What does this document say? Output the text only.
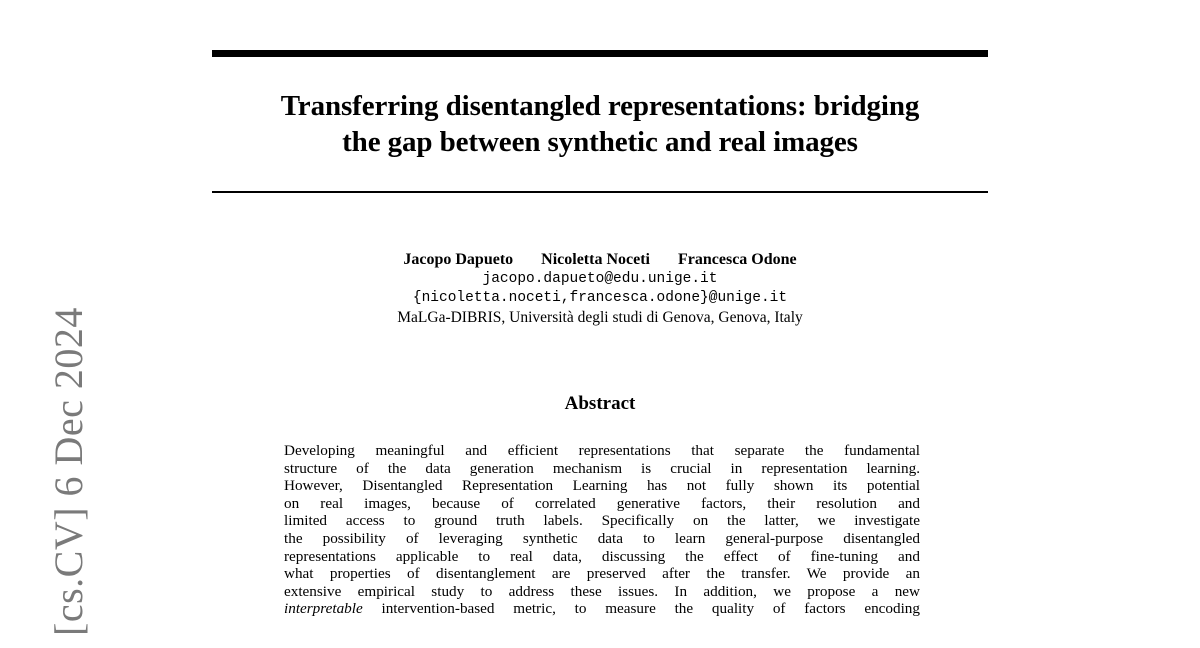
[cs.CV] 6 Dec 2024
Transferring disentangled representations: bridging
the gap between synthetic and real images
Jacopo Dapueto Nicoletta Noceti Francesca Odone
jacopo.dapueto@edu.unige.it
{nicoletta.noceti,francesca.odone}@unige.it
MaLGa-DIBRIS, Università degli studi di Genova, Genova, Italy
Abstract
Developing meaningful and efficient representations that separate the fundamental
structure of the data generation mechanism is crucial in representation learning.
However, Disentangled Representation Learning has not fully shown its potential
on real images, because of correlated generative factors, their resolution and
limited access to ground truth labels. Specifically on the latter, we investigate
the possibility of leveraging synthetic data to learn general-purpose disentangled
representations applicable to real data, discussing the effect of fine-tuning and
what properties of disentanglement are preserved after the transfer. We provide an
extensive empirical study to address these issues. In addition, we propose a new
interpretable intervention-based metric, to measure the quality of factors encoding
